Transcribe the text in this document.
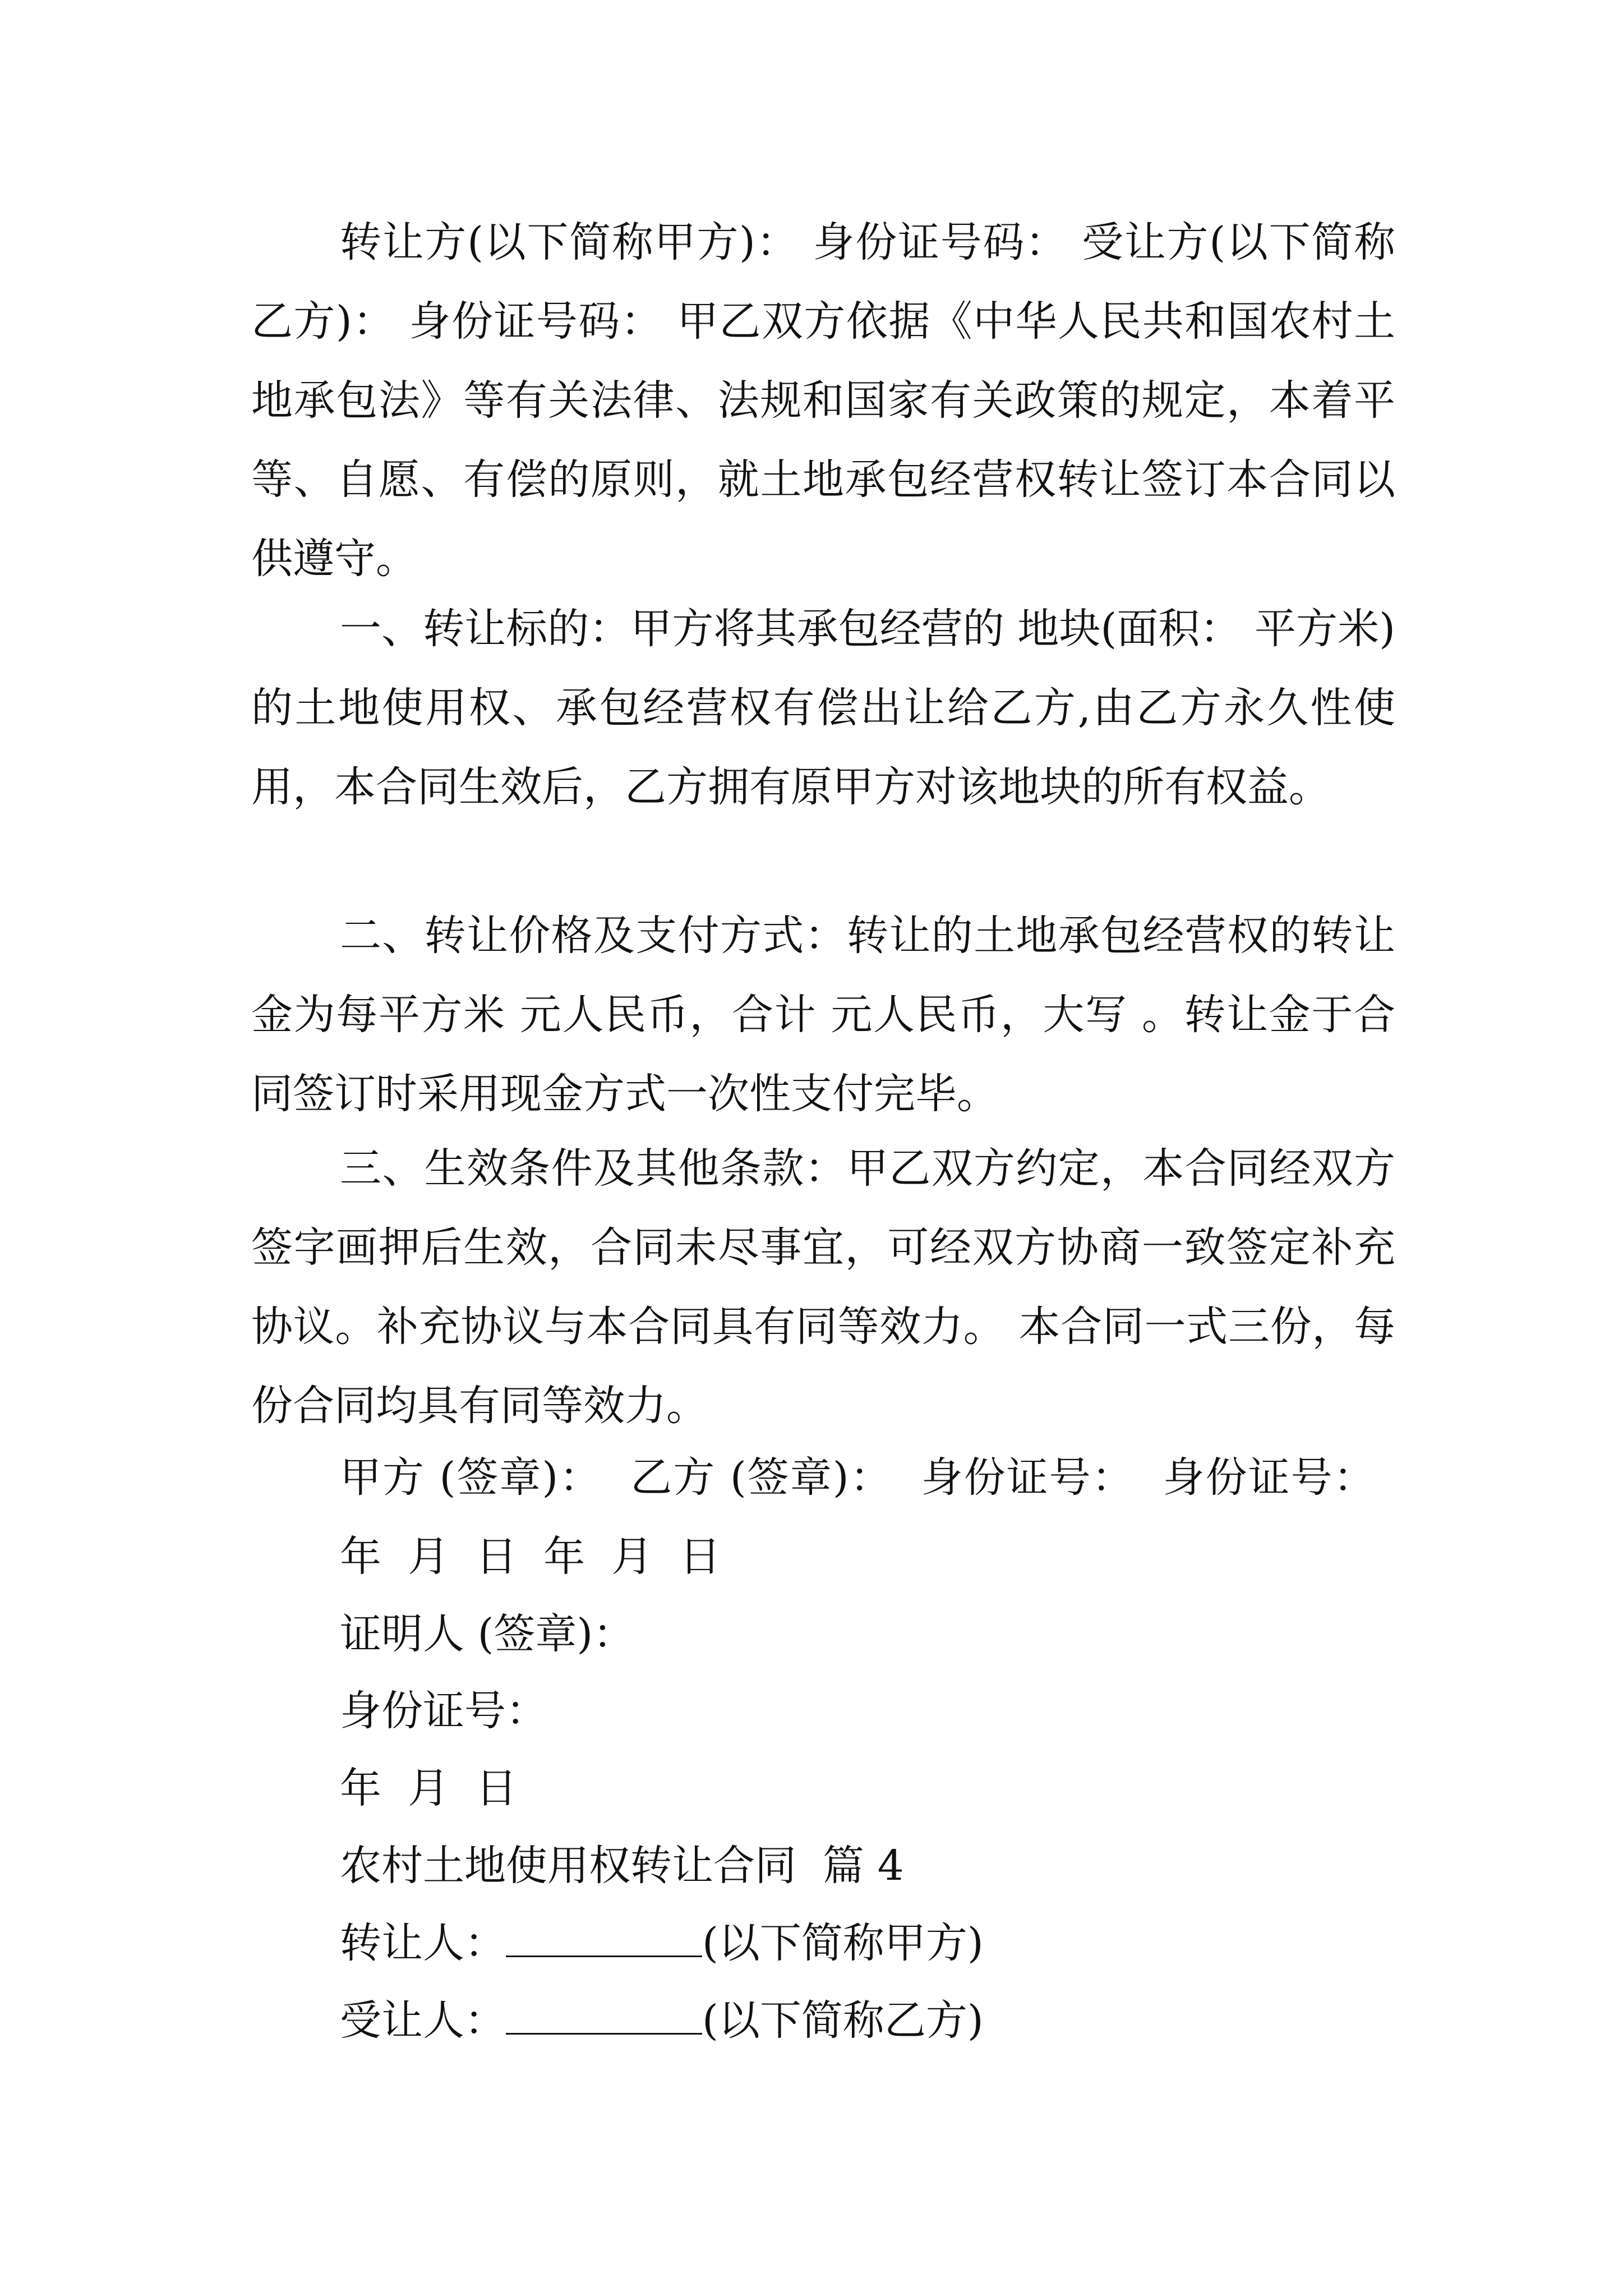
转让方(以下简称甲方)： 身份证号码： 受让方(以下简称乙方)： 身份证号码： 甲乙双方依据《中华人民共和国农村土地承包法》等有关法律、法规和国家有关政策的规定，本着平等、自愿、有偿的原则，就土地承包经营权转让签订本合同以供遵守。

一、转让标的：甲方将其承包经营的 地块(面积： 平方米)的土地使用权、承包经营权有偿出让给乙方,由乙方永久性使用，本合同生效后，乙方拥有原甲方对该地块的所有权益。

二、转让价格及支付方式：转让的土地承包经营权的转让金为每平方米 元人民币，合计 元人民币，大写 。转让金于合同签订时采用现金方式一次性支付完毕。

三、生效条件及其他条款：甲乙双方约定，本合同经双方签字画押后生效，合同未尽事宜，可经双方协商一致签定补充协议。补充协议与本合同具有同等效力。 本合同一式三份，每份合同均具有同等效力。

甲方 (签章)：  乙方 (签章)：  身份证号：  身份证号：

年  月  日  年  月  日

证明人 (签章)：

身份证号：

年  月  日

农村土地使用权转让合同  篇 4

转让人：	(以下简称甲方)

受让人：	(以下简称乙方)
